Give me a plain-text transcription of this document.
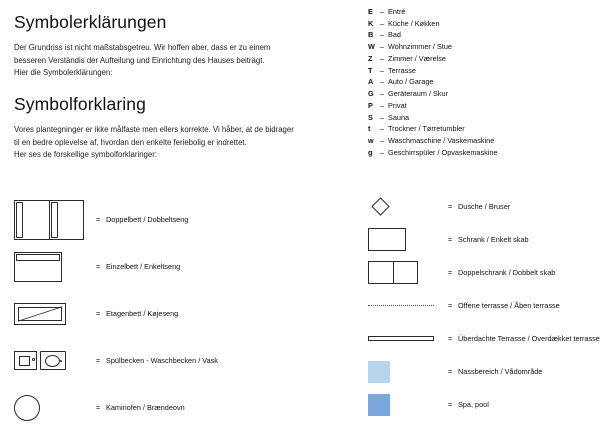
Symbolerklärungen
Der Grundriss ist nicht maßstabsgetreu. Wir hoffen aber, dass er zu einem
besseren Verständis der Aufteilung und Einrichtung des Hauses beiträgt.
Hier die Symbolerklärungen:
Symbolforklaring
Vores plantegninger er ikke målfaste men ellers korrekte. Vi håber, at de bidrager
til en bedre oplevelse af, hvordan den enkelte feriebolig er indrettet.
Her ses de forskellige symbolforklaringer:
E – Entré
K – Küche / Køkken
B – Bad
W – Wohnzimmer / Stue
Z	– Zimmer / Værelse
T	– Terrasse
A – Auto / Garage
G – Geräteraum / Skur
P – Privat
S – Sauna
t	– Trockner / Tørretumbler
w – Waschmaschine / Vaskemaskine
g	– Geschirrspüler / Opvaskemaskine
= Doppelbett / Dobbeltseng
= Einzelbett / Enkeltseng
= Etagenbett / Køjeseng
= Spülbecken - Waschbecken / Vask
= Kaminofen / Brændeovn
= Dusche / Bruser
= Schrank / Enkelt skab
= Doppelschrank / Dobbelt skab
= Offene terrasse / Åben terrasse
= Überdachte Terrasse / Overdækket terrasse
= Nassbereich / Vådområde
= Spa, pool
